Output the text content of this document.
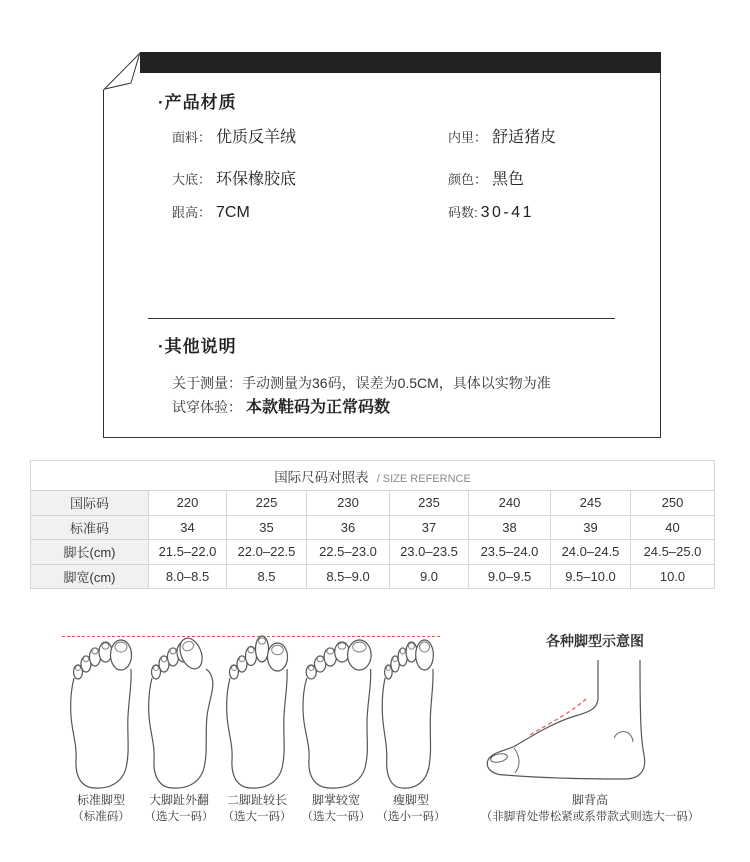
·产品材质
面料： 优质反羊绒	内里： 舒适猪皮
大底： 环保橡胶底	颜色： 黑色
跟高： 7CM	码数: 30-41
·其他说明
关于测量： 手动测量为36码，误差为0.5CM，具体以实物为准
试穿体验： 本款鞋码为正常码数
国际尺码对照表 / SIZE REFERNCE							
国际码	220	225	230	235	240	245	250
标准码	34	35	36	37	38	39	40
脚长(cm)	21.5–22.0	22.0–22.5	22.5–23.0	23.0–23.5	23.5–24.0	24.0–24.5	24.5–25.0
脚宽(cm)	8.0–8.5	8.5	8.5–9.0	9.0	9.0–9.5	9.5–10.0	10.0
标准脚型
（标准码）
大脚趾外翻
（选大一码）
二脚趾较长
（选大一码）
脚掌较宽
（选大一码）
瘦脚型
（选小一码）
各种脚型示意图
脚背高
（非脚背处带松紧或系带款式则选大一码）
